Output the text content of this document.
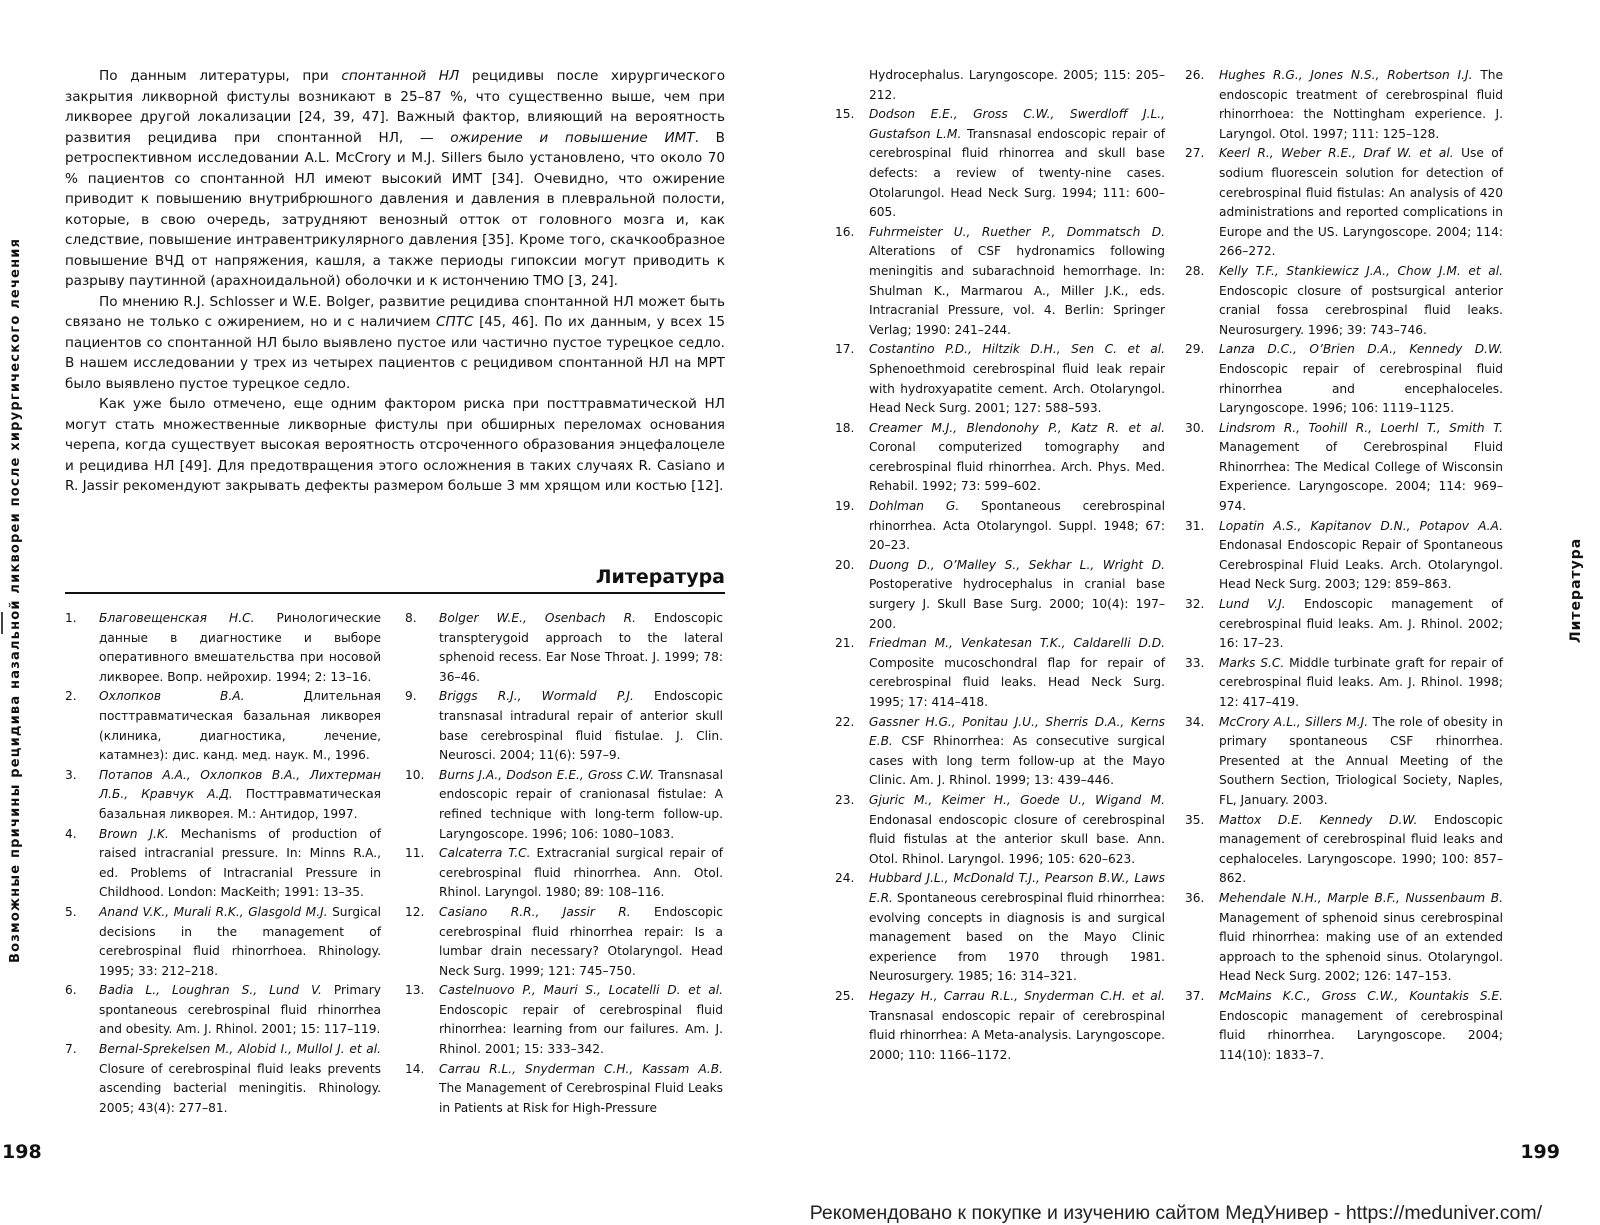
Возможные причины рецидива назальной ликвореи после хирургического лечения

По данным литературы, при спонтанной НЛ рецидивы после хирургического закрытия ликворной фистулы возникают в 25–87 %, что существенно выше, чем при ликворее другой локализации [24, 39, 47]. Важный фактор, влияющий на вероятность развития рецидива при спонтанной НЛ, — ожирение и повышение ИМТ. В ретроспективном исследовании A.L. McCrory и M.J. Sillers было установлено, что около 70 % пациентов со спонтанной НЛ имеют высокий ИМТ [34]. Очевидно, что ожирение приводит к повышению внутрибрюшного давления и давления в плевральной полости, которые, в свою очередь, затрудняют венозный отток от головного мозга и, как следствие, повышение интравентрикулярного давления [35]. Кроме того, скачкообразное повышение ВЧД от напряжения, кашля, а также периоды гипоксии могут приводить к разрыву паутинной (арахноидальной) оболочки и к истончению ТМО [3, 24].

По мнению R.J. Schlosser и W.E. Bolger, развитие рецидива спонтанной НЛ может быть связано не только с ожирением, но и с наличием СПТС [45, 46]. По их данным, у всех 15 пациентов со спонтанной НЛ было выявлено пустое или частично пустое турецкое седло. В нашем исследовании у трех из четырех пациентов с рецидивом спонтанной НЛ на МРТ было выявлено пустое турецкое седло.

Как уже было отмечено, еще одним фактором риска при посттравматической НЛ могут стать множественные ликворные фистулы при обширных переломах основания черепа, когда существует высокая вероятность отсроченного образования энцефалоцеле и рецидива НЛ [49]. Для предотвращения этого осложнения в таких случаях R. Casiano и R. Jassir рекомендуют закрывать дефекты размером больше 3 мм хрящом или костью [12].

Литература
1.	Благовещенская Н.С. Ринологические данные в диагностике и выборе оперативного вмешательства при носовой ликворее. Вопр. нейрохир. 1994; 2: 13–16.
2.	Охлопков В.А. Длительная посттравматическая базальная ликворея (клиника, диагностика, лечение, катамнез): дис. канд. мед. наук. М., 1996.
3.	Потапов А.А., Охлопков В.А., Лихтерман Л.Б., Кравчук А.Д. Посттравматическая базальная ликворея. М.: Антидор, 1997.
4.	Brown J.K. Mechanisms of production of raised intracranial pressure. In: Minns R.A., ed. Problems of Intracranial Pressure in Childhood. London: MacKeith; 1991: 13–35.
5.	Anand V.K., Murali R.K., Glasgold M.J. Surgical decisions in the management of cerebrospinal fluid rhinorrhoea. Rhinology. 1995; 33: 212–218.
6.	Badia L., Loughran S., Lund V. Primary spontaneous cerebrospinal fluid rhinorrhea and obesity. Am. J. Rhinol. 2001; 15: 117–119.
7.	Bernal-Sprekelsen M., Alobid I., Mullol J. et al. Closure of cerebrospinal fluid leaks prevents ascending bacterial meningitis. Rhinology. 2005; 43(4): 277–81.
8.	Bolger W.E., Osenbach R. Endoscopic transpterygoid approach to the lateral sphenoid recess. Ear Nose Throat. J. 1999; 78: 36–46.
9.	Briggs R.J., Wormald P.J. Endoscopic transnasal intradural repair of anterior skull base cerebrospinal fluid fistulae. J. Clin. Neurosci. 2004; 11(6): 597–9.
10.	Burns J.A., Dodson E.E., Gross C.W. Transnasal endoscopic repair of cranionasal fistulae: A refined technique with long-term follow-up. Laryngoscope. 1996; 106: 1080–1083.
11.	Calcaterra T.C. Extracranial surgical repair of cerebrospinal fluid rhinorrhea. Ann. Otol. Rhinol. Laryngol. 1980; 89: 108–116.
12.	Casiano R.R., Jassir R. Endoscopic cerebrospinal fluid rhinorrhea repair: Is a lumbar drain necessary? Otolaryngol. Head Neck Surg. 1999; 121: 745–750.
13.	Castelnuovo P., Mauri S., Locatelli D. et al. Endoscopic repair of cerebrospinal fluid rhinorrhea: learning from our failures. Am. J. Rhinol. 2001; 15: 333–342.
14.	Carrau R.L., Snyderman C.H., Kassam A.B. The Management of Cerebrospinal Fluid Leaks in Patients at Risk for High-Pressure
198
Hydrocephalus. Laryngoscope. 2005; 115: 205–212.
15.	Dodson E.E., Gross C.W., Swerdloff J.L., Gustafson L.M. Transnasal endoscopic repair of cerebrospinal fluid rhinorrea and skull base defects: a review of twenty-nine cases. Otolarungol. Head Neck Surg. 1994; 111: 600–605.
16.	Fuhrmeister U., Ruether P., Dommatsch D. Alterations of CSF hydronamics following meningitis and subarachnoid hemorrhage. In: Shulman K., Marmarou A., Miller J.K., eds. Intracranial Pressure, vol. 4. Berlin: Springer Verlag; 1990: 241–244.
17.	Costantino P.D., Hiltzik D.H., Sen C. et al. Sphenoethmoid cerebrospinal fluid leak repair with hydroxyapatite cement. Arch. Otolaryngol. Head Neck Surg. 2001; 127: 588–593.
18.	Creamer M.J., Blendonohy P., Katz R. et al. Coronal computerized tomography and cerebrospinal fluid rhinorrhea. Arch. Phys. Med. Rehabil. 1992; 73: 599–602.
19.	Dohlman G. Spontaneous cerebrospinal rhinorrhea. Acta Otolaryngol. Suppl. 1948; 67: 20–23.
20.	Duong D., O’Malley S., Sekhar L., Wright D. Postoperative hydrocephalus in cranial base surgery J. Skull Base Surg. 2000; 10(4): 197–200.
21.	Friedman M., Venkatesan T.K., Caldarelli D.D. Composite mucoschondral flap for repair of cerebrospinal fluid leaks. Head Neck Surg. 1995; 17: 414–418.
22.	Gassner H.G., Ponitau J.U., Sherris D.A., Kerns E.B. CSF Rhinorrhea: As consecutive surgical cases with long term follow-up at the Mayo Clinic. Am. J. Rhinol. 1999; 13: 439–446.
23.	Gjuric M., Keimer H., Goede U., Wigand M. Endonasal endoscopic closure of cerebrospinal fluid fistulas at the anterior skull base. Ann. Otol. Rhinol. Laryngol. 1996; 105: 620–623.
24.	Hubbard J.L., McDonald T.J., Pearson B.W., Laws E.R. Spontaneous cerebrospinal fluid rhinorrhea: evolving concepts in diagnosis is and surgical management based on the Mayo Clinic experience from 1970 through 1981. Neurosurgery. 1985; 16: 314–321.
25.	Hegazy H., Carrau R.L., Snyderman C.H. et al. Transnasal endoscopic repair of cerebrospinal fluid rhinorrhea: A Meta-analysis. Laryngoscope. 2000; 110: 1166–1172.
26.	Hughes R.G., Jones N.S., Robertson I.J. The endoscopic treatment of cerebrospinal fluid rhinorrhoea: the Nottingham experience. J. Laryngol. Otol. 1997; 111: 125–128.
27.	Keerl R., Weber R.E., Draf W. et al. Use of sodium fluorescein solution for detection of cerebrospinal fluid fistulas: An analysis of 420 administrations and reported complications in Europe and the US. Laryngoscope. 2004; 114: 266–272.
28.	Kelly T.F., Stankiewicz J.A., Chow J.M. et al. Endoscopic closure of postsurgical anterior cranial fossa cerebrospinal fluid leaks. Neurosurgery. 1996; 39: 743–746.
29.	Lanza D.C., O’Brien D.A., Kennedy D.W. Endoscopic repair of cerebrospinal fluid rhinorrhea and encephaloceles. Laryngoscope. 1996; 106: 1119–1125.
30.	Lindsrom R., Toohill R., Loerhl T., Smith T. Management of Cerebrospinal Fluid Rhinorrhea: The Medical College of Wisconsin Experience. Laryngoscope. 2004; 114: 969–974.
31.	Lopatin A.S., Kapitanov D.N., Potapov A.A. Endonasal Endoscopic Repair of Spontaneous Cerebrospinal Fluid Leaks. Arch. Otolaryngol. Head Neck Surg. 2003; 129: 859–863.
32.	Lund V.J. Endoscopic management of cerebrospinal fluid leaks. Am. J. Rhinol. 2002; 16: 17–23.
33.	Marks S.C. Middle turbinate graft for repair of cerebrospinal fluid leaks. Am. J. Rhinol. 1998; 12: 417–419.
34.	McCrory A.L., Sillers M.J. The role of obesity in primary spontaneous CSF rhinorrhea. Presented at the Annual Meeting of the Southern Section, Triological Society, Naples, FL, January. 2003.
35.	Mattox D.E. Kennedy D.W. Endoscopic management of cerebrospinal fluid leaks and cephaloceles. Laryngoscope. 1990; 100: 857–862.
36.	Mehendale N.H., Marple B.F., Nussenbaum B. Management of sphenoid sinus cerebrospinal fluid rhinorrhea: making use of an extended approach to the sphenoid sinus. Otolaryngol. Head Neck Surg. 2002; 126: 147–153.
37.	McMains K.C., Gross C.W., Kountakis S.E. Endoscopic management of cerebrospinal fluid rhinorrhea. Laryngoscope. 2004; 114(10): 1833–7.
Литература
199
Рекомендовано к покупке и изучению сайтом МедУнивер - https://meduniver.com/
